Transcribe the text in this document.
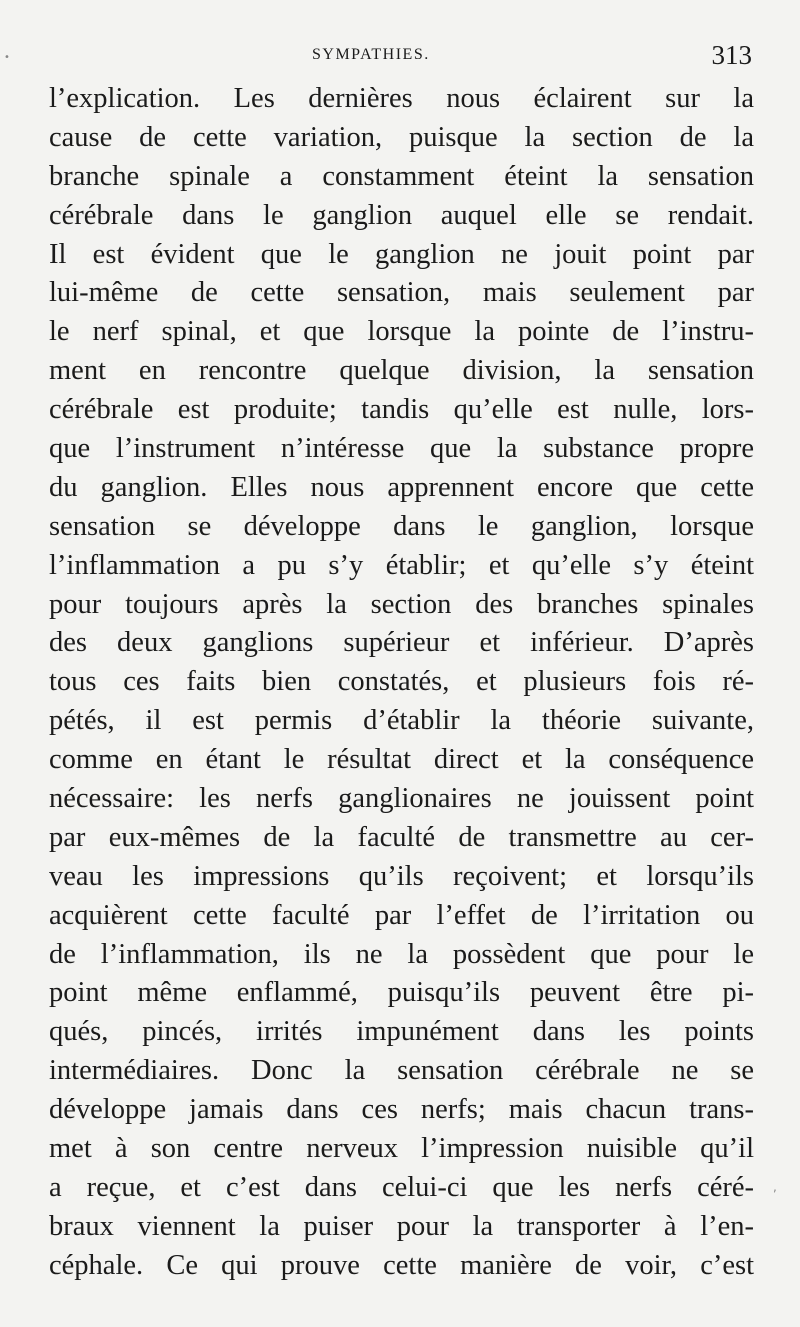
•
,
SYMPATHIES.	313
l’explication. Les dernières nous éclairent sur la
cause de cette variation, puisque la section de la
branche spinale a constamment éteint la sensation
cérébrale dans le ganglion auquel elle se rendait.
Il est évident que le ganglion ne jouit point par
lui-même de cette sensation, mais seulement par
le nerf spinal, et que lorsque la pointe de l’instru-
ment en rencontre quelque division, la sensation
cérébrale est produite; tandis qu’elle est nulle, lors-
que l’instrument n’intéresse que la substance propre
du ganglion. Elles nous apprennent encore que cette
sensation se développe dans le ganglion, lorsque
l’inflammation a pu s’y établir; et qu’elle s’y éteint
pour toujours après la section des branches spinales
des deux ganglions supérieur et inférieur. D’après
tous ces faits bien constatés, et plusieurs fois ré-
pétés, il est permis d’établir la théorie suivante,
comme en étant le résultat direct et la conséquence
nécessaire: les nerfs ganglionaires ne jouissent point
par eux-mêmes de la faculté de transmettre au cer-
veau les impressions qu’ils reçoivent; et lorsqu’ils
acquièrent cette faculté par l’effet de l’irritation ou
de l’inflammation, ils ne la possèdent que pour le
point même enflammé, puisqu’ils peuvent être pi-
qués, pincés, irrités impunément dans les points
intermédiaires. Donc la sensation cérébrale ne se
développe jamais dans ces nerfs; mais chacun trans-
met à son centre nerveux l’impression nuisible qu’il
a reçue, et c’est dans celui-ci que les nerfs céré-
braux viennent la puiser pour la transporter à l’en-
céphale. Ce qui prouve cette manière de voir, c’est
